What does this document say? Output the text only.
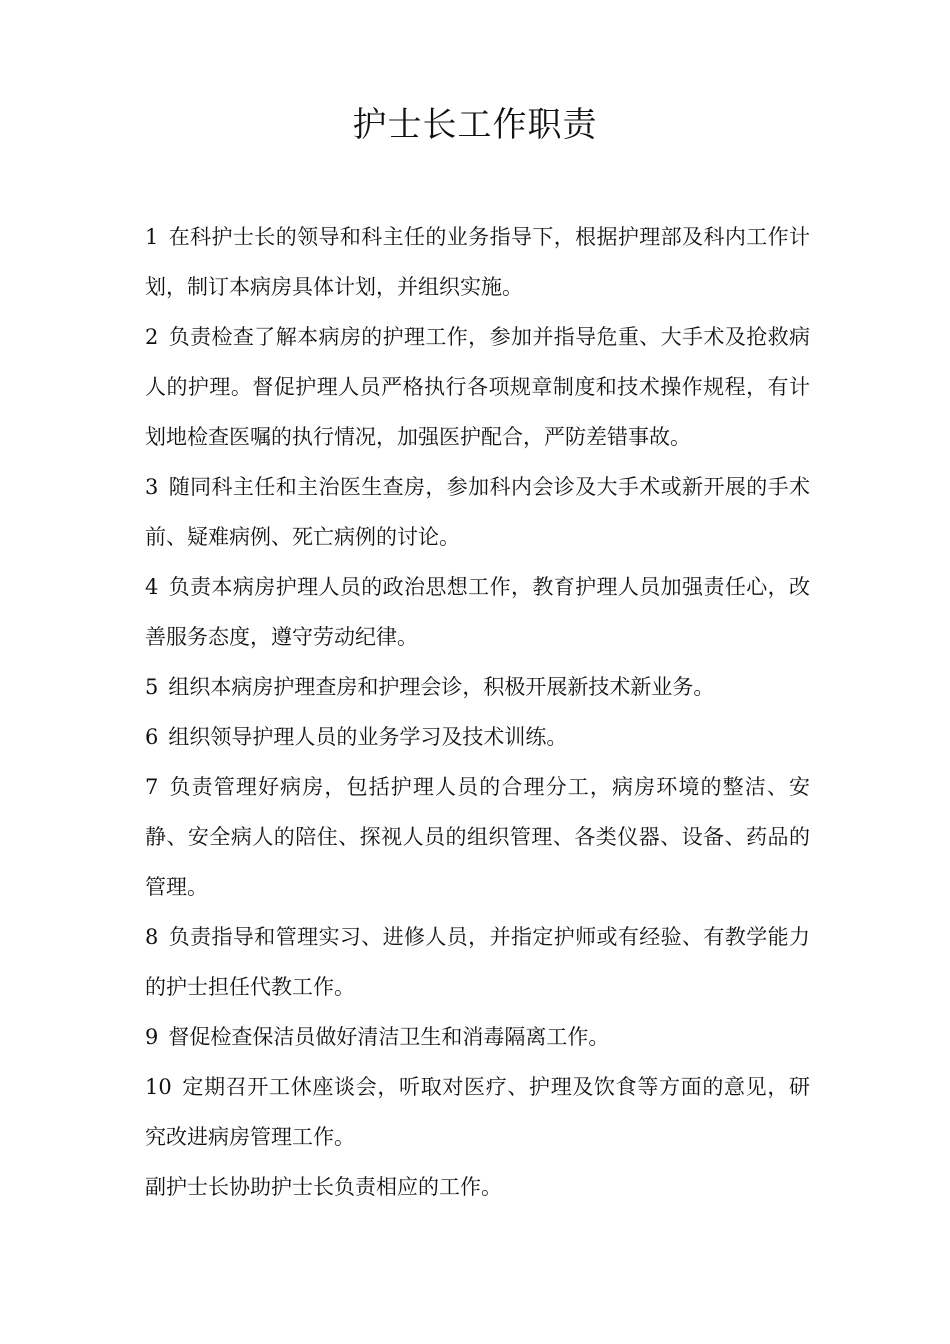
护士长工作职责

1 在科护士长的领导和科主任的业务指导下，根据护理部及科内工作计划，制订本病房具体计划，并组织实施。

2 负责检查了解本病房的护理工作，参加并指导危重、大手术及抢救病人的护理。督促护理人员严格执行各项规章制度和技术操作规程，有计划地检查医嘱的执行情况，加强医护配合，严防差错事故。

3 随同科主任和主治医生查房，参加科内会诊及大手术或新开展的手术前、疑难病例、死亡病例的讨论。

4 负责本病房护理人员的政治思想工作，教育护理人员加强责任心，改善服务态度，遵守劳动纪律。

5 组织本病房护理查房和护理会诊，积极开展新技术新业务。

6 组织领导护理人员的业务学习及技术训练。

7 负责管理好病房，包括护理人员的合理分工，病房环境的整洁、安静、安全病人的陪住、探视人员的组织管理、各类仪器、设备、药品的管理。

8 负责指导和管理实习、进修人员，并指定护师或有经验、有教学能力的护士担任代教工作。

9 督促检查保洁员做好清洁卫生和消毒隔离工作。

10 定期召开工休座谈会，听取对医疗、护理及饮食等方面的意见，研究改进病房管理工作。

副护士长协助护士长负责相应的工作。
